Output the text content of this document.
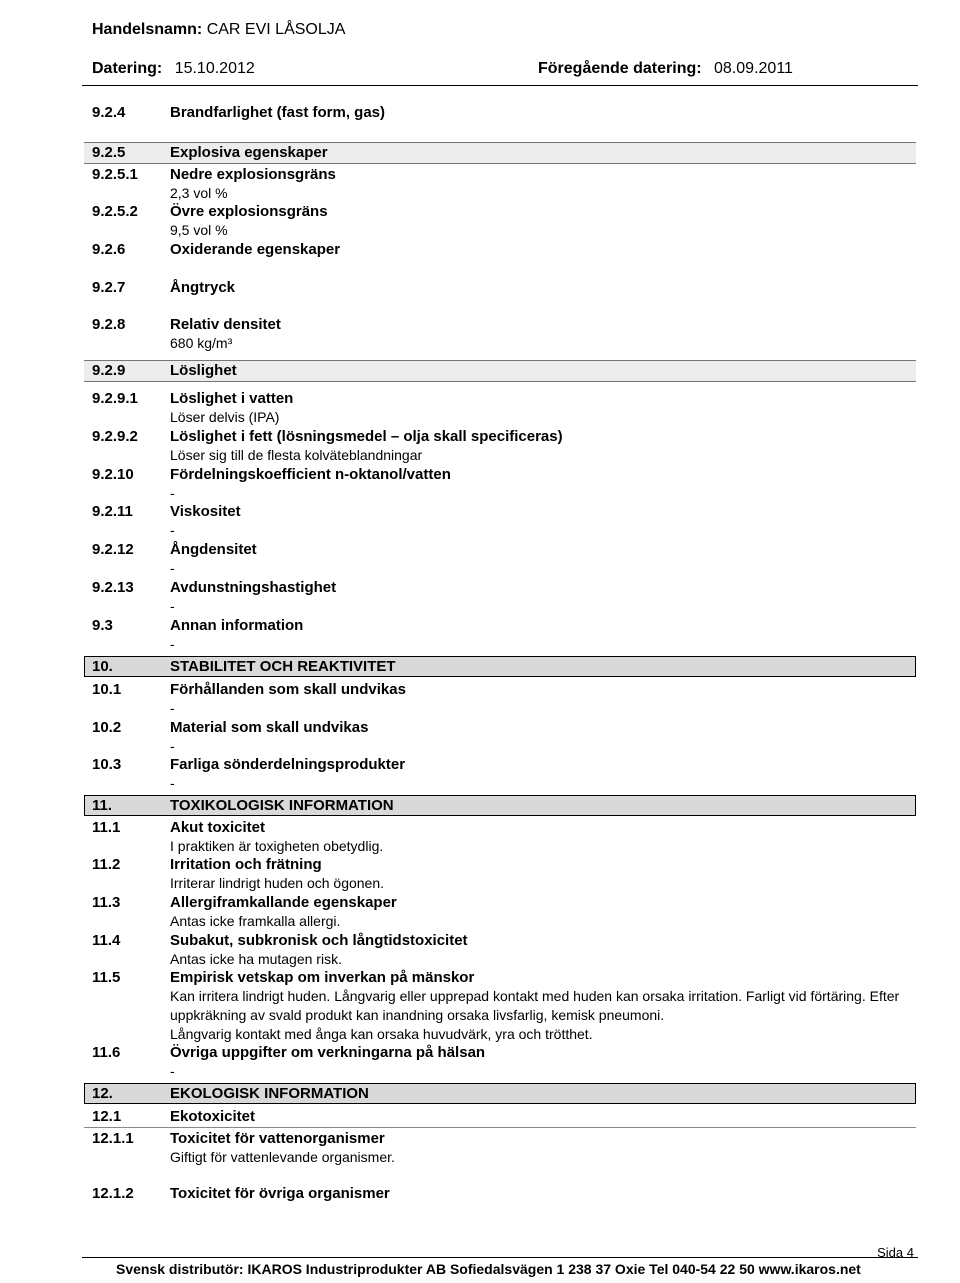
Handelsnamn: CAR EVI LÅSOLJA
Datering: 15.10.2012	Föregående datering: 08.09.2011
9.2.4	Brandfarlighet (fast form, gas)
9.2.5	Explosiva egenskaper
9.2.5.1 Nedre explosionsgräns
2,3 vol %
9.2.5.2 Övre explosionsgräns
9,5 vol %
9.2.6	Oxiderande egenskaper
9.2.7	Ångtryck
9.2.8	Relativ densitet
680 kg/m³
9.2.9	Löslighet
9.2.9.1 Löslighet i vatten
Löser delvis (IPA)
9.2.9.2 Löslighet i fett (lösningsmedel – olja skall specificeras)
Löser sig till de flesta kolväteblandningar
9.2.10 Fördelningskoefficient n-oktanol/vatten
-
9.2.11 Viskositet
-
9.2.12 Ångdensitet
-
9.2.13 Avdunstningshastighet
-
9.3	Annan information
-
10.	STABILITET OCH REAKTIVITET
10.1	Förhållanden som skall undvikas
-
10.2	Material som skall undvikas
-
10.3	Farliga sönderdelningsprodukter
-
11.	TOXIKOLOGISK INFORMATION
11.1	Akut toxicitet
I praktiken är toxigheten obetydlig.
11.2	Irritation och frätning
Irriterar lindrigt huden och ögonen.
11.3	Allergiframkallande egenskaper
Antas icke framkalla allergi.
11.4	Subakut, subkronisk och långtidstoxicitet
Antas icke ha mutagen risk.
11.5	Empirisk vetskap om inverkan på mänskor
Kan irritera lindrigt huden. Långvarig eller upprepad kontakt med huden kan orsaka irritation. Farligt vid förtäring. Efter uppkräkning av svald produkt kan inandning orsaka livsfarlig, kemisk pneumoni.
Långvarig kontakt med ånga kan orsaka huvudvärk, yra och trötthet.
11.6	Övriga uppgifter om verkningarna på hälsan
-
12.	EKOLOGISK INFORMATION
12.1	Ekotoxicitet
12.1.1 Toxicitet för vattenorganismer
Giftigt för vattenlevande organismer.
12.1.2 Toxicitet för övriga organismer
Sida 4
Svensk distributör: IKAROS Industriprodukter AB Sofiedalsvägen 1 238 37 Oxie Tel 040-54 22 50 www.ikaros.net
